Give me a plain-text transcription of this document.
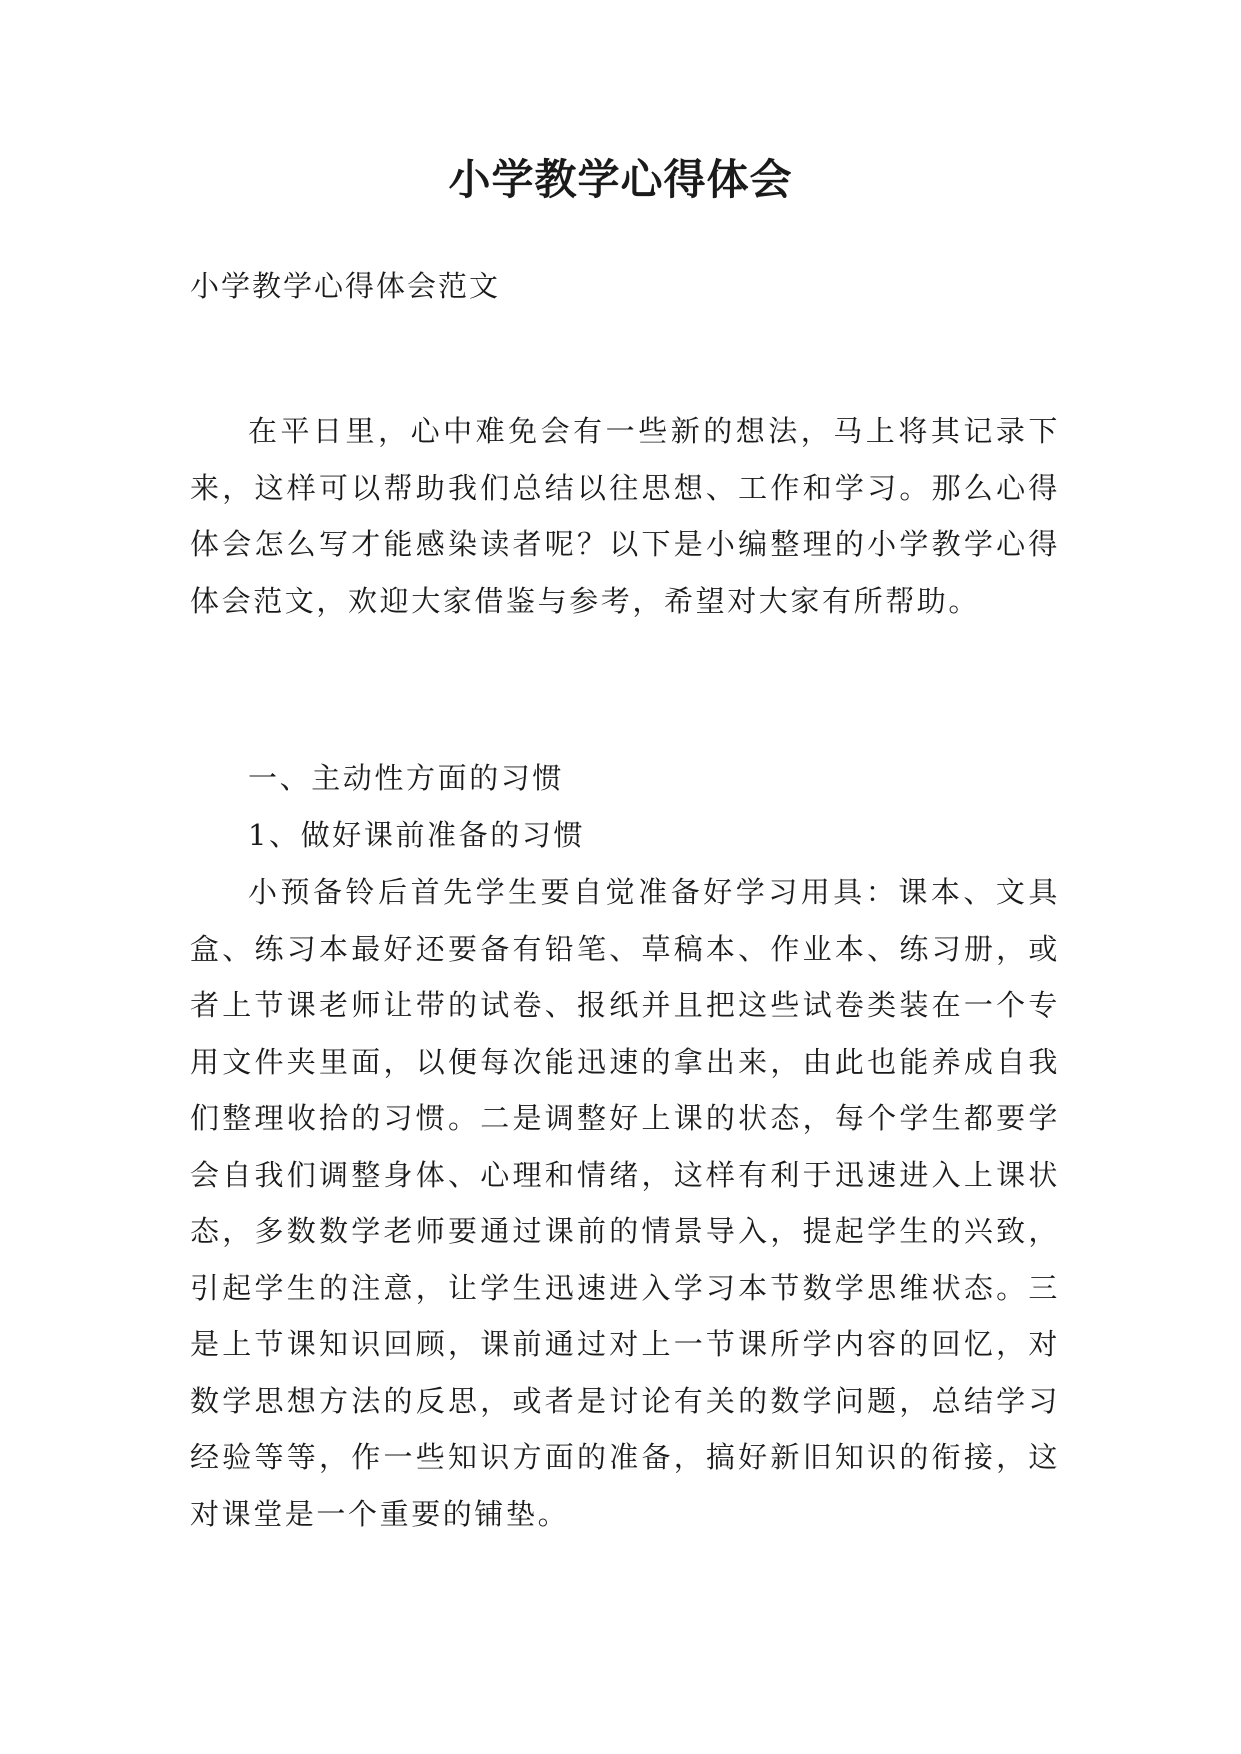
小学教学心得体会

小学教学心得体会范文

在平日里，心中难免会有一些新的想法，马上将其记录下来，这样可以帮助我们总结以往思想、工作和学习。那么心得体会怎么写才能感染读者呢？以下是小编整理的小学教学心得体会范文，欢迎大家借鉴与参考，希望对大家有所帮助。

一、主动性方面的习惯

1、做好课前准备的习惯

小预备铃后首先学生要自觉准备好学习用具：课本、文具盒、练习本最好还要备有铅笔、草稿本、作业本、练习册，或者上节课老师让带的试卷、报纸并且把这些试卷类装在一个专用文件夹里面，以便每次能迅速的拿出来，由此也能养成自我们整理收拾的习惯。二是调整好上课的状态，每个学生都要学会自我们调整身体、心理和情绪，这样有利于迅速进入上课状态，多数数学老师要通过课前的情景导入，提起学生的兴致，引起学生的注意，让学生迅速进入学习本节数学思维状态。三是上节课知识回顾，课前通过对上一节课所学内容的回忆，对数学思想方法的反思，或者是讨论有关的数学问题，总结学习经验等等，作一些知识方面的准备，搞好新旧知识的衔接，这对课堂是一个重要的铺垫。
